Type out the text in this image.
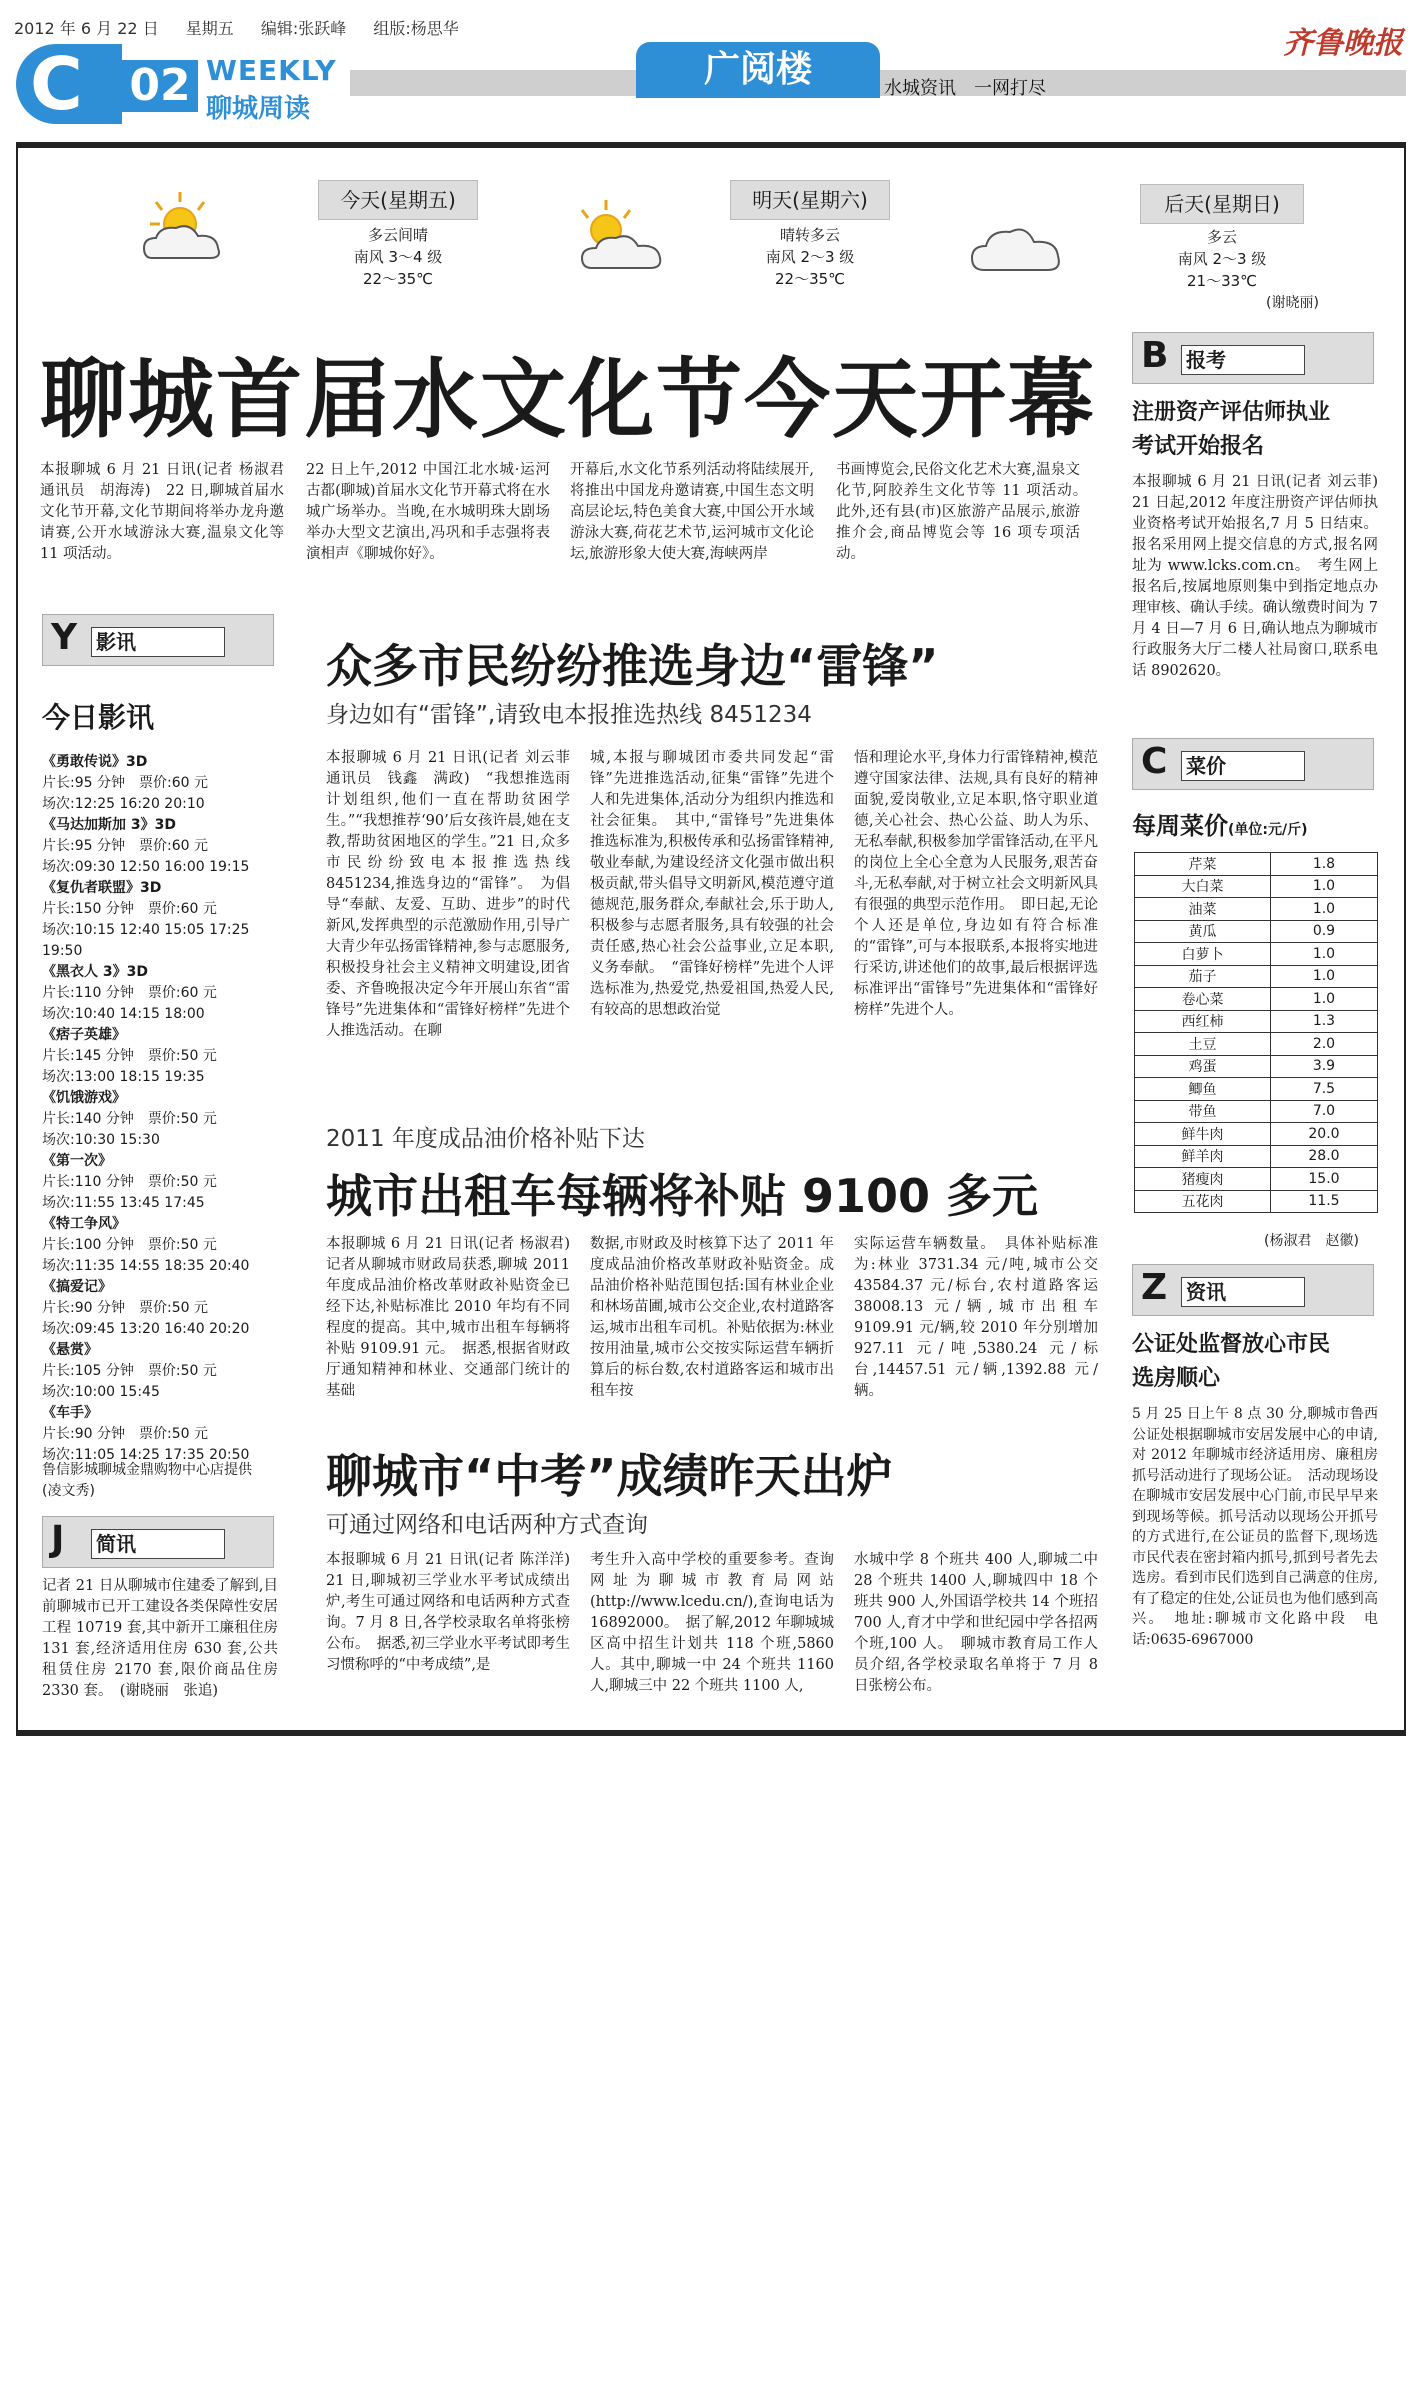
2012 年 6 月 22 日 星期五 编辑:张跃峰 组版:杨思华	齐鲁晚报
C	02 WEEKLY
聊城周读
广阅楼	水城资讯　一网打尽
今天(星期五)
多云间晴
南风 3～4 级
22～35℃
明天(星期六)
晴转多云
南风 2～3 级
22～35℃
后天(星期日)
多云
南风 2～3 级
21～33℃
(谢晓丽)
聊城首届水文化节今天开幕
本报聊城 6 月 21 日讯(记者 杨淑君　通讯员　胡海涛)　22 日,聊城首届水文化节开幕,文化节期间将举办龙舟邀请赛,公开水域游泳大赛,温泉文化等 11 项活动。
22 日上午,2012 中国江北水城·运河古都(聊城)首届水文化节开幕式将在水城广场举办。当晚,在水城明珠大剧场举办大型文艺演出,冯巩和手志强将表演相声《聊城你好》。
开幕后,水文化节系列活动将陆续展开,将推出中国龙舟邀请赛,中国生态文明高层论坛,特色美食大赛,中国公开水域游泳大赛,荷花艺术节,运河城市文化论坛,旅游形象大使大赛,海峡两岸
书画博览会,民俗文化艺术大赛,温泉文化节,阿胶养生文化节等 11 项活动。　此外,还有县(市)区旅游产品展示,旅游推介会,商品博览会等 16 项专项活动。
Y 影讯
今日影讯
《勇敢传说》3D
片长:95 分钟　票价:60 元
场次:12:25 16:20 20:10
《马达加斯加 3》3D
片长:95 分钟　票价:60 元
场次:09:30 12:50 16:00 19:15
《复仇者联盟》3D
片长:150 分钟　票价:60 元
场次:10:15 12:40 15:05 17:25 19:50
《黑衣人 3》3D
片长:110 分钟　票价:60 元
场次:10:40 14:15 18:00
《痞子英雄》
片长:145 分钟　票价:50 元
场次:13:00 18:15 19:35
《饥饿游戏》
片长:140 分钟　票价:50 元
场次:10:30 15:30
《第一次》
片长:110 分钟　票价:50 元
场次:11:55 13:45 17:45
《特工争风》
片长:100 分钟　票价:50 元
场次:11:35 14:55 18:35 20:40
《搞爱记》
片长:90 分钟　票价:50 元
场次:09:45 13:20 16:40 20:20
《悬赏》
片长:105 分钟　票价:50 元
场次:10:00 15:45
《车手》
片长:90 分钟　票价:50 元
场次:11:05 14:25 17:35 20:50
鲁信影城聊城金鼎购物中心店提供　　(凌文秀)
J 简讯
记者 21 日从聊城市住建委了解到,目前聊城市已开工建设各类保障性安居工程 10719 套,其中新开工廉租住房 131 套,经济适用住房 630 套,公共租赁住房 2170 套,限价商品住房 2330 套。　(谢晓丽　张追)
众多市民纷纷推选身边“雷锋”
身边如有“雷锋”,请致电本报推选热线 8451234
本报聊城 6 月 21 日讯(记者 刘云菲　通讯员　钱鑫　满政)　“我想推选雨计划组织,他们一直在帮助贫困学生。”“我想推荐‘90’后女孩许晨,她在支教,帮助贫困地区的学生。”21 日,众多市民纷纷致电本报推选热线 8451234,推选身边的“雷锋”。　为倡导“奉献、友爱、互助、进步”的时代新风,发挥典型的示范激励作用,引导广大青少年弘扬雷锋精神,参与志愿服务,积极投身社会主义精神文明建设,团省委、齐鲁晚报决定今年开展山东省“雷锋号”先进集体和“雷锋好榜样”先进个人推选活动。在聊
城,本报与聊城团市委共同发起“雷锋”先进推选活动,征集“雷锋”先进个人和先进集体,活动分为组织内推选和社会征集。　其中,“雷锋号”先进集体推选标准为,积极传承和弘扬雷锋精神,敬业奉献,为建设经济文化强市做出积极贡献,带头倡导文明新风,模范遵守道德规范,服务群众,奉献社会,乐于助人,积极参与志愿者服务,具有较强的社会责任感,热心社会公益事业,立足本职,义务奉献。　“雷锋好榜样”先进个人评选标准为,热爱党,热爱祖国,热爱人民,有较高的思想政治觉
悟和理论水平,身体力行雷锋精神,模范遵守国家法律、法规,具有良好的精神面貌,爱岗敬业,立足本职,恪守职业道德,关心社会、热心公益、助人为乐、无私奉献,积极参加学雷锋活动,在平凡的岗位上全心全意为人民服务,艰苦奋斗,无私奉献,对于树立社会文明新风具有很强的典型示范作用。　即日起,无论个人还是单位,身边如有符合标准的“雷锋”,可与本报联系,本报将实地进行采访,讲述他们的故事,最后根据评选标准评出“雷锋号”先进集体和“雷锋好榜样”先进个人。
2011 年度成品油价格补贴下达
城市出租车每辆将补贴 9100 多元
本报聊城 6 月 21 日讯(记者 杨淑君)　记者从聊城市财政局获悉,聊城 2011 年度成品油价格改革财政补贴资金已经下达,补贴标准比 2010 年均有不同程度的提高。其中,城市出租车每辆将补贴 9109.91 元。　据悉,根据省财政厅通知精神和林业、交通部门统计的基础
数据,市财政及时核算下达了 2011 年度成品油价格改革财政补贴资金。成品油价格补贴范围包括:国有林业企业和林场苗圃,城市公交企业,农村道路客运,城市出租车司机。补贴依据为:林业按用油量,城市公交按实际运营车辆折算后的标台数,农村道路客运和城市出租车按
实际运营车辆数量。　具体补贴标准为:林业 3731.34 元/吨,城市公交 43584.37 元/标台,农村道路客运 38008.13 元/辆,城市出租车 9109.91 元/辆,较 2010 年分别增加 927.11 元/吨,5380.24 元/标台,14457.51 元/辆,1392.88 元/辆。
聊城市“中考”成绩昨天出炉
可通过网络和电话两种方式查询
本报聊城 6 月 21 日讯(记者 陈洋洋)　21 日,聊城初三学业水平考试成绩出炉,考生可通过网络和电话两种方式查询。7 月 8 日,各学校录取名单将张榜公布。　据悉,初三学业水平考试即考生习惯称呼的“中考成绩”,是
考生升入高中学校的重要参考。查询网址为聊城市教育局网站(http://www.lcedu.cn/),查询电话为 16892000。　据了解,2012 年聊城城区高中招生计划共 118 个班,5860 人。其中,聊城一中 24 个班共 1160 人,聊城三中 22 个班共 1100 人,
水城中学 8 个班共 400 人,聊城二中 28 个班共 1400 人,聊城四中 18 个班共 900 人,外国语学校共 14 个班招 700 人,育才中学和世纪园中学各招两个班,100 人。　聊城市教育局工作人员介绍,各学校录取名单将于 7 月 8 日张榜公布。
B 报考
注册资产评估师执业考试开始报名
本报聊城 6 月 21 日讯(记者 刘云菲)　21 日起,2012 年度注册资产评估师执业资格考试开始报名,7 月 5 日结束。报名采用网上提交信息的方式,报名网址为 www.lcks.com.cn。　考生网上报名后,按属地原则集中到指定地点办理审核、确认手续。确认缴费时间为 7 月 4 日—7 月 6 日,确认地点为聊城市行政服务大厅二楼人社局窗口,联系电话 8902620。
C 菜价
每周菜价(单位:元/斤)
芹菜	1.8
大白菜	1.0
油菜	1.0
黄瓜	0.9
白萝卜	1.0
茄子	1.0
卷心菜	1.0
西红柿	1.3
土豆	2.0
鸡蛋	3.9
鲫鱼	7.5
带鱼	7.0
鲜牛肉	20.0
鲜羊肉	28.0
猪瘦肉	15.0
五花肉	11.5
(杨淑君　赵徽)
Z 资讯
公证处监督放心市民选房顺心
5 月 25 日上午 8 点 30 分,聊城市鲁西公证处根据聊城市安居发展中心的申请,对 2012 年聊城市经济适用房、廉租房抓号活动进行了现场公证。　活动现场设在聊城市安居发展中心门前,市民早早来到现场等候。抓号活动以现场公开抓号的方式进行,在公证员的监督下,现场选市民代表在密封箱内抓号,抓到号者先去选房。看到市民们选到自己满意的住房,有了稳定的住处,公证员也为他们感到高兴。　地址:聊城市文化路中段　电话:0635-6967000
